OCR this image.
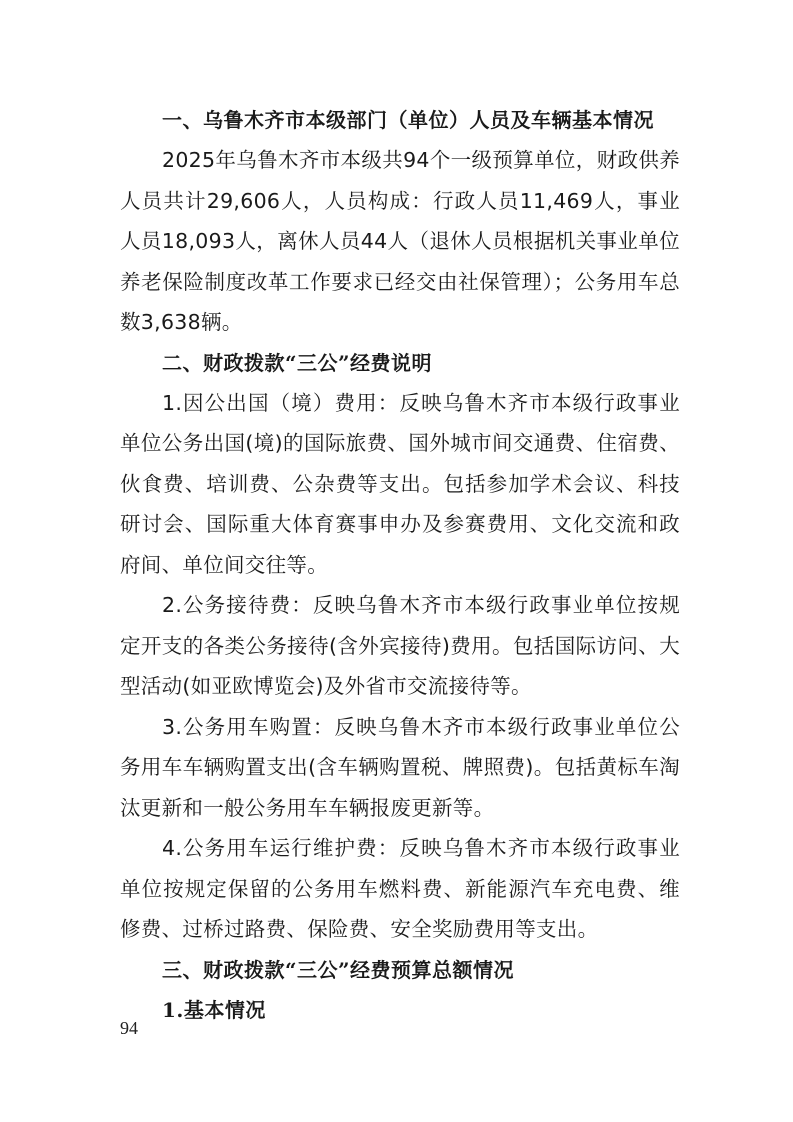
一、乌鲁木齐市本级部门（单位）人员及车辆基本情况

2025年乌鲁木齐市本级共94个一级预算单位，财政供养人员共计29,606人，人员构成：行政人员11,469人，事业人员18,093人，离休人员44人（退休人员根据机关事业单位养老保险制度改革工作要求已经交由社保管理）；公务用车总数3,638辆。

二、财政拨款“三公”经费说明

1.因公出国（境）费用：反映乌鲁木齐市本级行政事业单位公务出国(境)的国际旅费、国外城市间交通费、住宿费、伙食费、培训费、公杂费等支出。包括参加学术会议、科技研讨会、国际重大体育赛事申办及参赛费用、文化交流和政府间、单位间交往等。

2.公务接待费：反映乌鲁木齐市本级行政事业单位按规定开支的各类公务接待(含外宾接待)费用。包括国际访问、大型活动(如亚欧博览会)及外省市交流接待等。

3.公务用车购置：反映乌鲁木齐市本级行政事业单位公务用车车辆购置支出(含车辆购置税、牌照费)。包括黄标车淘汰更新和一般公务用车车辆报废更新等。

4.公务用车运行维护费：反映乌鲁木齐市本级行政事业单位按规定保留的公务用车燃料费、新能源汽车充电费、维修费、过桥过路费、保险费、安全奖励费用等支出。

三、财政拨款“三公”经费预算总额情况
1.基本情况
94
